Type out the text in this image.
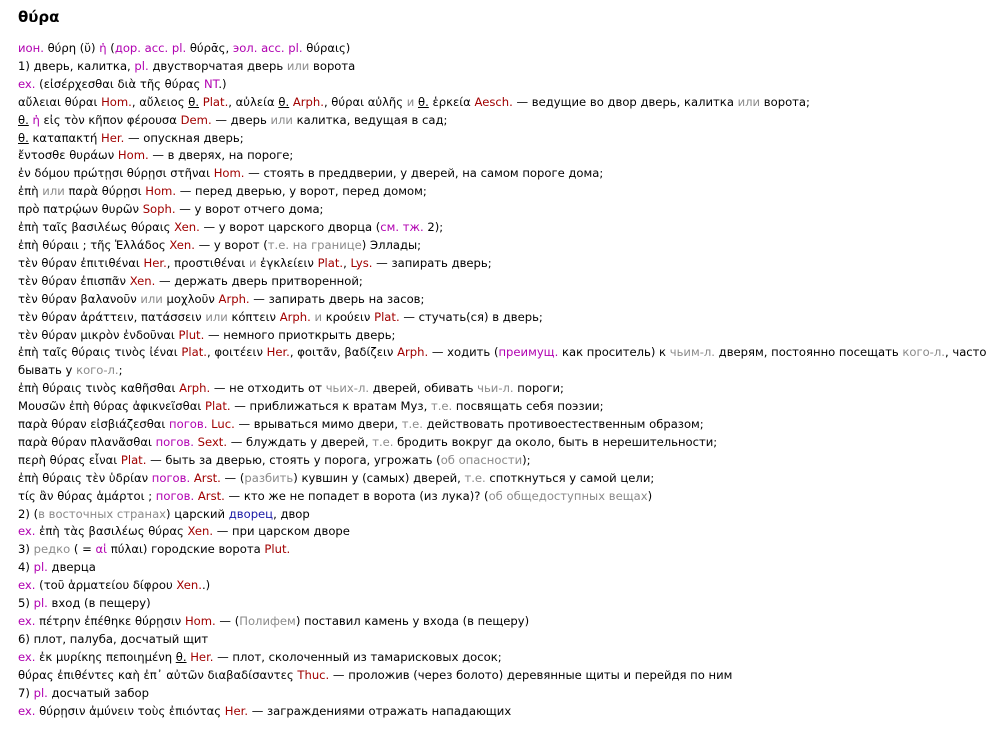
θύρα
ион. θύρη (ῠ) ἡ (дор. acc. pl. θύρᾱς, эол. acc. pl. θύραις)
1) дверь, калитка, pl. двустворчатая дверь или ворота
ex. (εἰσέρχεσθαι διὰ τῆς θύρας NT.)
αὔλειαι θύραι Hom., αὔλειος θ. Plat., αὐλεία θ. Arph., θύραι αὐλῆς и θ. ἑρκεία Aesch. — ведущие во двор дверь, калитка или ворота;
θ. ἡ εἰς τὸν κῆπον φέρουσα Dem. — дверь или калитка, ведущая в сад;
θ. καταπακτή Her. — опускная дверь;
ἔντοσθε θυράων Hom. — в дверях, на пороге;
ἐν δόμου πρώτῃσι θύρῃσι στῆναι Hom. — стоять в преддверии, у дверей, на самом пороге дома;
ἐπὴ или παρὰ θύρῃσι Hom. — перед дверью, у ворот, перед домом;
πρὸ πατρῴων θυρῶν Soph. — у ворот отчего дома;
ἐπὴ ταῖς βασιλέως θύραις Xen. — у ворот царского дворца (см. тж. 2);
ἐπὴ θύραιι ; τῆς Ἑλλάδος Xen. — у ворот (т.е. на границе) Эллады;
τὲν θύραν ἐπιτιθέναι Her., προστιθέναι и ἐγκλείειν Plat., Lys. — запирать дверь;
τὲν θύραν ἐπισπᾶν Xen. — держать дверь притворенной;
τὲν θύραν βαλανοῦν или μοχλοῦν Arph. — запирать дверь на засов;
τὲν θύραν ἀράττειν, πατάσσειν или κόπτειν Arph. и κρούειν Plat. — стучать(ся) в дверь;
τὲν θύραν μικρὸν ἐνδοῦναι Plut. — немного приоткрыть дверь;
ἐπὴ ταῖς θύραις τινὸς ἰέναι Plat., φοιτέειν Her., φοιτᾶν, βαδίζειν Arph. — ходить (преимущ. как проситель) к чьим-л. дверям, постоянно посещать кого-л., часто бывать у кого-л.;
ἐπὴ θύραις τινὸς καθῆσθαι Arph. — не отходить от чьих-л. дверей, обивать чьи-л. пороги;
Μουσῶν ἐπὴ θύρας ἀφικνεῖσθαι Plat. — приближаться к вратам Муз, т.е. посвящать себя поэзии;
παρὰ θύραν εἰσβιάζεσθαι погов. Luc. — врываться мимо двери, т.е. действовать противоестественным образом;
παρὰ θύραν πλανᾶσθαι погов. Sext. — блуждать у дверей, т.е. бродить вокруг да около, быть в нерешительности;
περὴ θύρας εἶναι Plat. — быть за дверью, стоять у порога, угрожать (об опасности);
ἐπὴ θύραις τὲν ὑδρίαν погов. Arst. — (разбить) кувшин у (самых) дверей, т.е. споткнуться у самой цели;
τίς ἂν θύρας ἁμάρτοι ; погов. Arst. — кто же не попадет в ворота (из лука)? (об общедоступных вещах)
2) (в восточных странах) царский дворец, двор
ex. ἐπὴ τὰς βασιλέως θύρας Xen. — при царском дворе
3) редко ( = αἱ πύλαι) городские ворота Plut.
4) pl. дверца
ex. (τοῦ ἁρματείου δίφρου Xen..)
5) pl. вход (в пещеру)
ex. πέτρην ἐπέθηκε θύρῃσιν Hom. — (Полифем) поставил камень у входа (в пещеру)
6) плот, палуба, досчатый щит
ex. ἐκ μυρίκης πεποιημένη θ. Her. — плот, сколоченный из тамарисковых досок;
θύρας ἐπιθέντες καὴ ἐπ᾽ αὐτῶν διαβαδίσαντες Thuc. — проложив (через болото) деревянные щиты и перейдя по ним
7) pl. досчатый забор
ex. θύρῃσιν ἀμύνειν τοὺς ἐπιόντας Her. — заграждениями отражать нападающих
